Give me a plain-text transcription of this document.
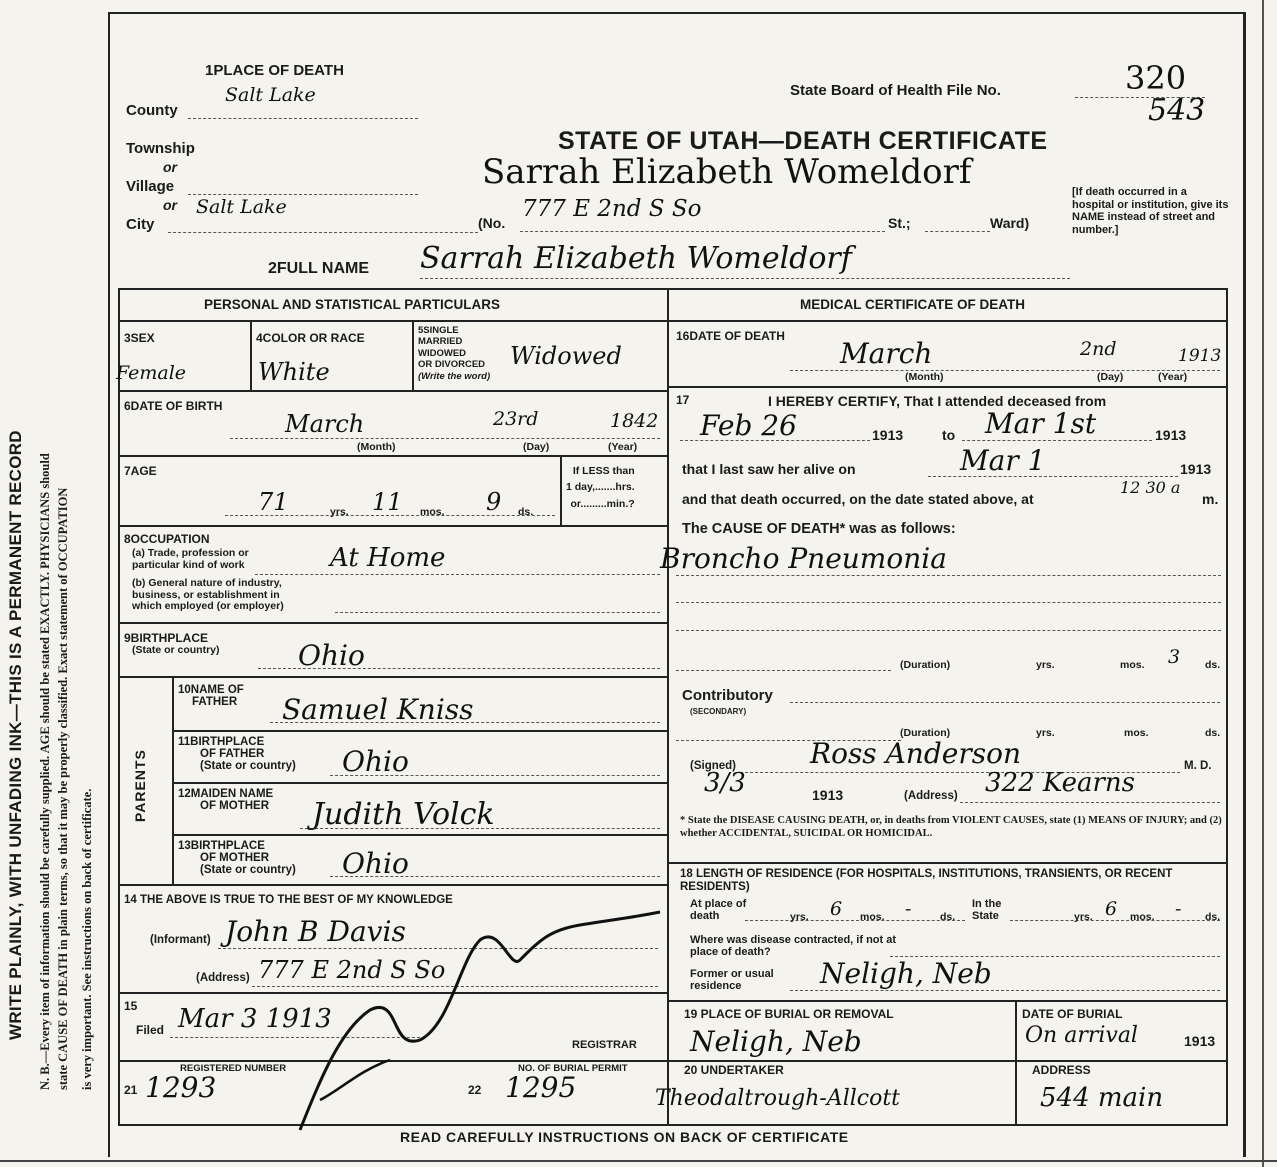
WRITE PLAINLY, WITH UNFADING INK—THIS IS A PERMANENT RECORD N. B.—Every item of information should be carefully supplied. AGE should be stated EXACTLY. PHYSICIANS should state CAUSE OF DEATH in plain terms, so that it may be properly classified. Exact statement of OCCUPATION is very important. See instructions on back of certificate.
1PLACE OF DEATH
County
Salt Lake
Township
or
Village
or
City
Salt Lake
State Board of Health File No.	320
543
STATE OF UTAH—DEATH CERTIFICATE
Sarrah Elizabeth Womeldorf
(No.
777 E 2nd S So
St.;	Ward)
[If death occurred in a hospital or institution, give its NAME instead of street and number.]
2FULL NAME Sarrah Elizabeth Womeldorf
PERSONAL AND STATISTICAL PARTICULARS	MEDICAL CERTIFICATE OF DEATH
3SEX
Female
4COLOR OR RACE
White
5SINGLE
MARRIED
WIDOWED
OR DIVORCED
(Write the word)
Widowed
6DATE OF BIRTH
March	23rd	1842
(Month)	(Day)	(Year)
7AGE
71	yrs. 11 mos. 9 ds.
If LESS than
1 day,.......hrs.
or.........min.?
8OCCUPATION
(a) Trade, profession or
particular kind of work	At Home
(b) General nature of industry,
business, or establishment in
which employed (or employer)
9BIRTHPLACE
(State or country)	Ohio
PARENTS
10NAME OF
FATHER Samuel Kniss
11BIRTHPLACE
OF FATHER
(State or country) Ohio
12MAIDEN NAME
OF MOTHER Judith Volck
13BIRTHPLACE
OF MOTHER
(State or country) Ohio
14 THE ABOVE IS TRUE TO THE BEST OF MY KNOWLEDGE
(Informant) John B Davis
(Address) 777 E 2nd S So
15
Filed Mar 3 1913
REGISTRAR
REGISTERED NUMBER
21 1293
NO. OF BURIAL PERMIT
22 1295
16DATE OF DEATH
March	2nd	1913
(Month)	(Day)	(Year)
17	I HEREBY CERTIFY, That I attended deceased from
Feb 26	1913	to Mar 1st	1913
that I last saw her alive on	Mar 1	1913
and that death occurred, on the date stated above, at
12 30 a
m.
The CAUSE OF DEATH* was as follows:
Broncho Pneumonia
(Duration)	yrs.	mos. 3 ds.
Contributory
(SECONDARY)
(Duration)	yrs.	mos.	ds.
(Signed)	Ross Anderson	M. D.
3/3	1913	(Address) 322 Kearns
* State the DISEASE CAUSING DEATH, or, in deaths from VIOLENT CAUSES, state (1) MEANS OF INJURY; and (2) whether ACCIDENTAL, SUICIDAL OR HOMICIDAL.
18 LENGTH OF RESIDENCE (FOR HOSPITALS, INSTITUTIONS, TRANSIENTS, OR RECENT RESIDENTS)
At place of death	6
yrs.	mos. -	ds.
In the State	yrs. 6 mos. - ds.
Where was disease contracted, if not at place of death?
Former or usual residence	Neligh, Neb
19 PLACE OF BURIAL OR REMOVAL
Neligh, Neb
DATE OF BURIAL
On arrival	1913
20 UNDERTAKER
Theodaltrough-Allcott
ADDRESS
544 main
READ CAREFULLY INSTRUCTIONS ON BACK OF CERTIFICATE
